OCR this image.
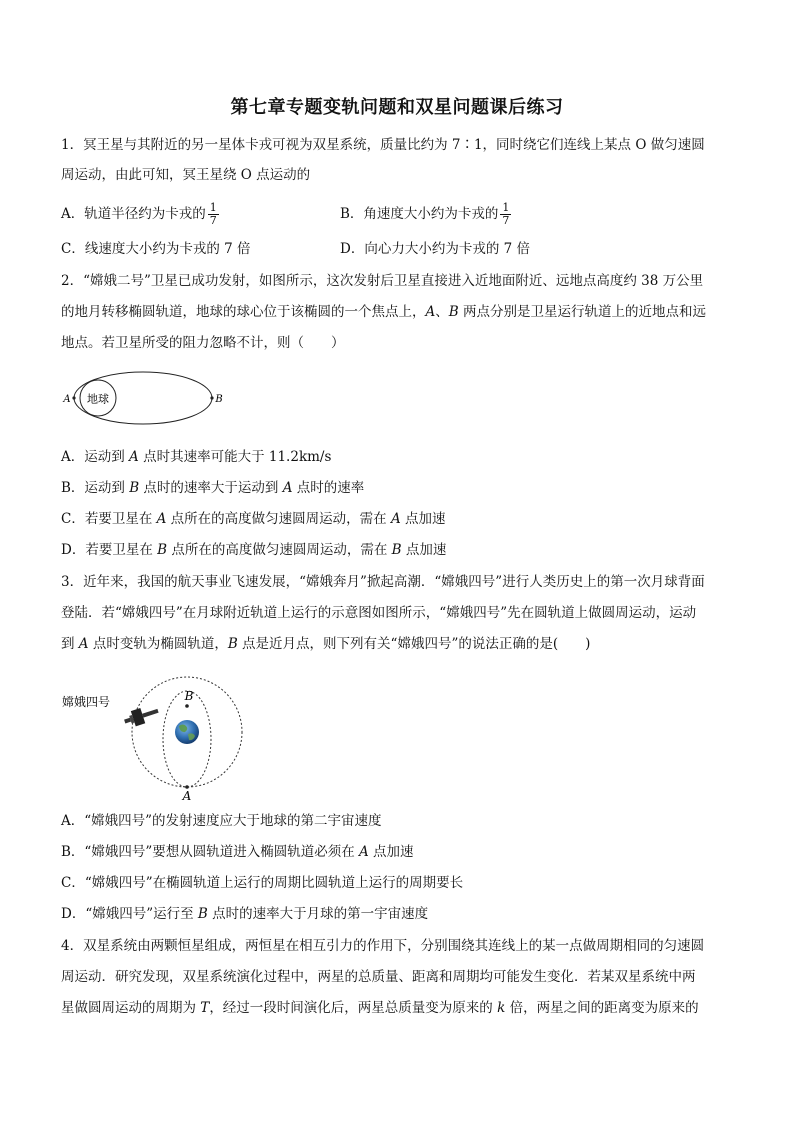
第七章专题变轨问题和双星问题课后练习
1．冥王星与其附近的另一星体卡戎可视为双星系统，质量比约为 7∶1，同时绕它们连线上某点 O 做匀速圆
周运动，由此可知，冥王星绕 O 点运动的
A．轨道半径约为卡戎的 $\frac{1}{7}$	B．角速度大小约为卡戎的 $\frac{1}{7}$
C．线速度大小约为卡戎的 7 倍	D．向心力大小约为卡戎的 7 倍
2．“嫦娥二号”卫星已成功发射，如图所示，这次发射后卫星直接进入近地面附近、远地点高度约 38 万公里
的地月转移椭圆轨道，地球的球心位于该椭圆的一个焦点上，A、B 两点分别是卫星运行轨道上的近地点和远
地点。若卫星所受的阻力忽略不计，则（　　）
地球
A	B
A．运动到 A 点时其速率可能大于 11.2km/s
B．运动到 B 点时的速率大于运动到 A 点时的速率
C．若要卫星在 A 点所在的高度做匀速圆周运动，需在 A 点加速
D．若要卫星在 B 点所在的高度做匀速圆周运动，需在 B 点加速
3．近年来，我国的航天事业飞速发展，“嫦娥奔月”掀起高潮．“嫦娥四号”进行人类历史上的第一次月球背面
登陆．若“嫦娥四号”在月球附近轨道上运行的示意图如图所示，“嫦娥四号”先在圆轨道上做圆周运动，运动
到 A 点时变轨为椭圆轨道，B 点是近月点，则下列有关“嫦娥四号”的说法正确的是(　　)
B
A
嫦娥四号
A．“嫦娥四号”的发射速度应大于地球的第二宇宙速度
B．“嫦娥四号”要想从圆轨道进入椭圆轨道必须在 A 点加速
C．“嫦娥四号”在椭圆轨道上运行的周期比圆轨道上运行的周期要长
D．“嫦娥四号”运行至 B 点时的速率大于月球的第一宇宙速度
4．双星系统由两颗恒星组成，两恒星在相互引力的作用下，分别围绕其连线上的某一点做周期相同的匀速圆
周运动．研究发现，双星系统演化过程中，两星的总质量、距离和周期均可能发生变化．若某双星系统中两
星做圆周运动的周期为 T，经过一段时间演化后，两星总质量变为原来的 k 倍，两星之间的距离变为原来的
